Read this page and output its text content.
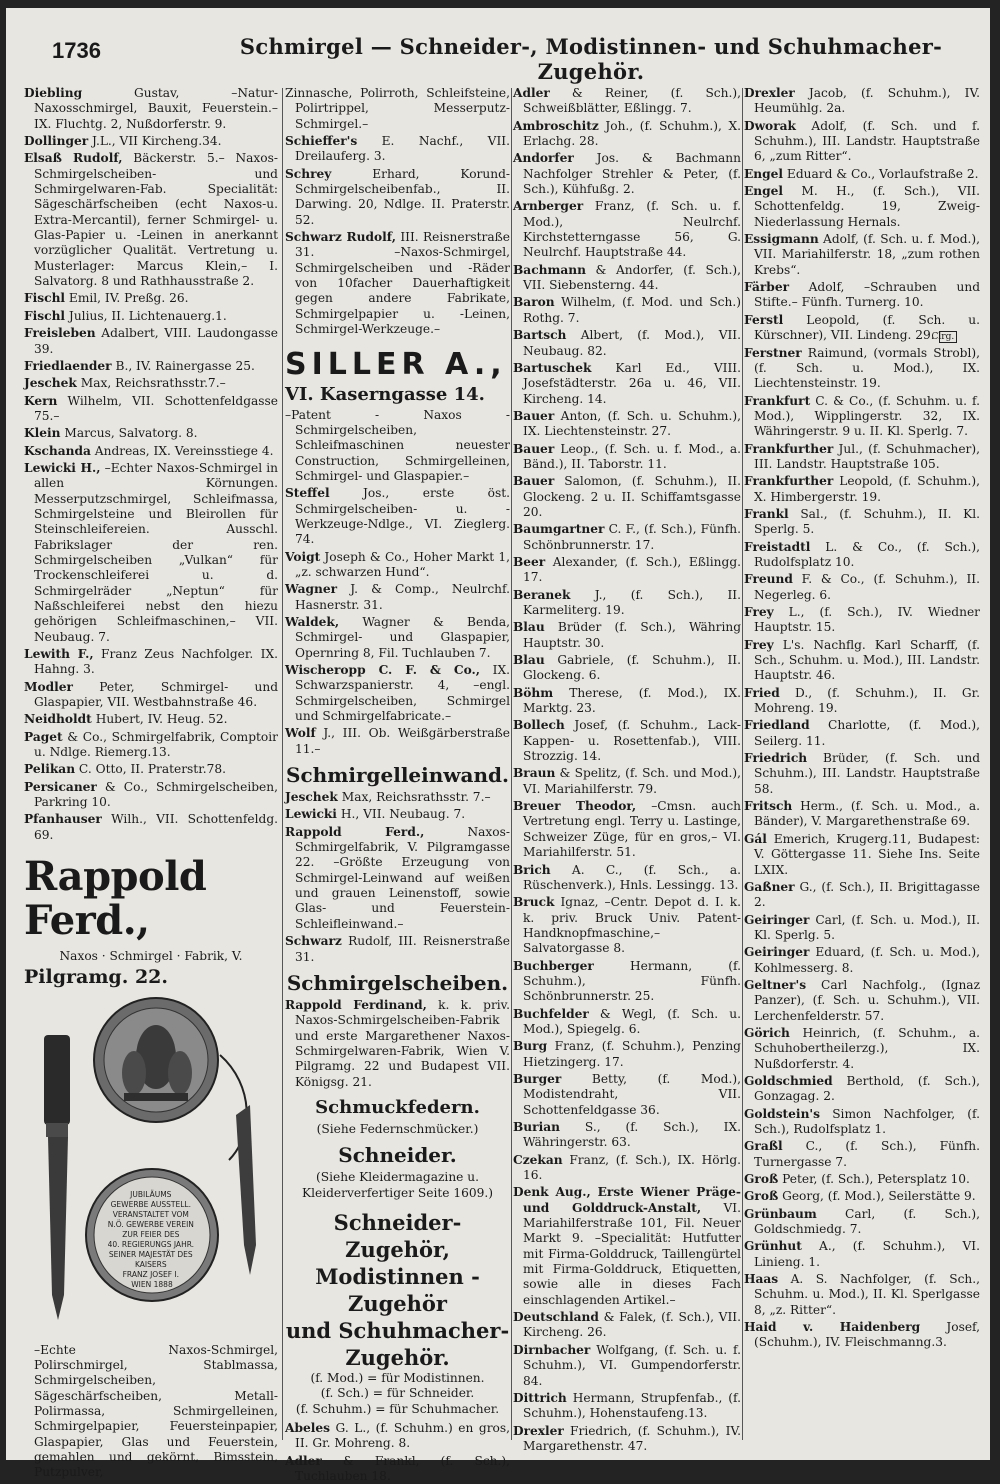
1736	Schmirgel — Schneider-, Modistinnen- und Schuhmacher-Zugehör.

Diebling Gustav, –Natur-Naxosschmirgel, Bauxit, Feuerstein.– IX. Fluchtg. 2, Nußdorferstr. 9.

Dollinger J.L., VII Kircheng.34.

Elsaß Rudolf, Bäckerstr. 5.– Naxos-Schmirgelscheiben- und Schmirgelwaren-Fab. Specialität: Sägeschärfscheiben (echt Naxos-u. Extra-Mercantil), ferner Schmirgel- u. Glas-Papier u. -Leinen in anerkannt vorzüglicher Qualität. Vertretung u. Musterlager: Marcus Klein,– I. Salvatorg. 8 und Rathhausstraße 2.

Fischl Emil, IV. Preßg. 26.

Fischl Julius, II. Lichtenauerg.1.

Freisleben Adalbert, VIII. Laudongasse 39.

Friedlaender B., IV. Rainergasse 25.

Jeschek Max, Reichsrathsstr.7.–

Kern Wilhelm, VII. Schottenfeldgasse 75.–

Klein Marcus, Salvatorg. 8.

Kschanda Andreas, IX. Vereinsstiege 4.

Lewicki H., –Echter Naxos-Schmirgel in allen Körnungen. Messerputzschmirgel, Schleifmassa, Schmirgelsteine und Bleirollen für Steinschleifereien. Ausschl. Fabrikslager der ren. Schmirgelscheiben „Vulkan“ für Trockenschleiferei u. d. Schmirgelräder „Neptun“ für Naßschleiferei nebst den hiezu gehörigen Schleifmaschinen,– VII. Neubaug. 7.

Lewith F., Franz Zeus Nachfolger. IX. Hahng. 3.

Modler Peter, Schmirgel- und Glaspapier, VII. Westbahnstraße 46.

Neidholdt Hubert, IV. Heug. 52.

Paget & Co., Schmirgelfabrik, Comptoir u. Ndlge. Riemerg.13.

Pelikan C. Otto, II. Praterstr.78.

Persicaner & Co., Schmirgelscheiben, Parkring 10.

Pfanhauser Wilh., VII. Schottenfeldg. 69.

Rappold Ferd.,

Naxos · Schmirgel · Fabrik, V.

Pilgramg. 22.

JUBILÄUMS GEWERBE AUSSTELL. VERANSTALTET VOM N.Ö. GEWERBE VEREIN ZUR FEIER DES 40. REGIERUNGS JAHR. SEINER MAJESTÄT DES KAISERS FRANZ JOSEF I. WIEN 1888

–Echte Naxos-Schmirgel, Polirschmirgel, Stablmassa, Schmirgelscheiben, Sägeschärfscheiben, Metall-Polirmassa, Schmirgelleinen, Schmirgelpapier, Feuersteinpapier, Glaspapier, Glas und Feuerstein, gemahlen und gekörnt, Bimsstein, Putzpulver,

Zinnasche, Polirroth, Schleifsteine, Polirtrippel, Messerputz-Schmirgel.–

Schieffer's E. Nachf., VII. Dreilauferg. 3.

Schrey Erhard, Korund-Schmirgelscheibenfab., II. Darwing. 20, Ndlge. II. Praterstr. 52.

Schwarz Rudolf, III. Reisnerstraße 31. –Naxos-Schmirgel, Schmirgelscheiben und -Räder von 10facher Dauerhaftigkeit gegen andere Fabrikate, Schmirgelpapier u. -Leinen, Schmirgel-Werkzeuge.–

SILLER A.,
VI. Kaserngasse 14.

–Patent - Naxos - Schmirgelscheiben, Schleifmaschinen neuester Construction, Schmirgelleinen, Schmirgel- und Glaspapier.–

Steffel Jos., erste öst. Schmirgelscheiben- u. -Werkzeuge-Ndlge., VI. Zieglerg. 74.

Voigt Joseph & Co., Hoher Markt 1, „z. schwarzen Hund“.

Wagner J. & Comp., Neulrchf. Hasnerstr. 31.

Waldek, Wagner & Benda, Schmirgel- und Glaspapier, Opernring 8, Fil. Tuchlauben 7.

Wischeropp C. F. & Co., IX. Schwarzspanierstr. 4, –engl. Schmirgelscheiben, Schmirgel und Schmirgelfabricate.–

Wolf J., III. Ob. Weißgärberstraße 11.–

Schmirgelleinwand.

Jeschek Max, Reichsrathsstr. 7.–

Lewicki H., VII. Neubaug. 7.

Rappold Ferd., Naxos-Schmirgelfabrik, V. Pilgramgasse 22. –Größte Erzeugung von Schmirgel-Leinwand auf weißen und grauen Leinenstoff, sowie Glas- und Feuerstein-Schleifleinwand.–

Schwarz Rudolf, III. Reisnerstraße 31.

Schmirgelscheiben.

Rappold Ferdinand, k. k. priv. Naxos-Schmirgelscheiben-Fabrik und erste Margarethener Naxos-Schmirgelwaren-Fabrik, Wien V. Pilgramg. 22 und Budapest VII. Königsg. 21.

Schmuckfedern.

(Siehe Federnschmücker.)

Schneider.

(Siehe Kleidermagazine u. Kleiderverfertiger Seite 1609.)

Schneider-Zugehör,
Modistinnen - Zugehör
und Schuhmacher-
Zugehör.

(f. Mod.) = für Modistinnen.

(f. Sch.) = für Schneider.

(f. Schuhm.) = für Schuhmacher.

Abeles G. L., (f. Schuhm.) en gros, II. Gr. Mohreng. 8.

Adler & Frankl, (f. Sch.), Tuchlauben 18.

Adler & Reiner, (f. Sch.), Schweißblätter, Eßlingg. 7.

Ambroschitz Joh., (f. Schuhm.), X. Erlachg. 28.

Andorfer Jos. & Bachmann Nachfolger Strehler & Peter, (f. Sch.), Kühfußg. 2.

Arnberger Franz, (f. Sch. u. f. Mod.), Neulrchf. Kirchstetterngasse 56, G. Neulrchf. Hauptstraße 44.

Bachmann & Andorfer, (f. Sch.), VII. Siebensterng. 44.

Baron Wilhelm, (f. Mod. und Sch.) Rothg. 7.

Bartsch Albert, (f. Mod.), VII. Neubaug. 82.

Bartuschek Karl Ed., VIII. Josefstädterstr. 26a u. 46, VII. Kircheng. 14.

Bauer Anton, (f. Sch. u. Schuhm.), IX. Liechtensteinstr. 27.

Bauer Leop., (f. Sch. u. f. Mod., a. Bänd.), II. Taborstr. 11.

Bauer Salomon, (f. Schuhm.), II. Glockeng. 2 u. II. Schiffamtsgasse 20.

Baumgartner C. F., (f. Sch.), Fünfh. Schönbrunnerstr. 17.

Beer Alexander, (f. Sch.), Eßlingg. 17.

Beranek J., (f. Sch.), II. Karmeliterg. 19.

Blau Brüder (f. Sch.), Währing Hauptstr. 30.

Blau Gabriele, (f. Schuhm.), II. Glockeng. 6.

Böhm Therese, (f. Mod.), IX. Marktg. 23.

Bollech Josef, (f. Schuhm., Lack-Kappen- u. Rosettenfab.), VIII. Strozzig. 14.

Braun & Spelitz, (f. Sch. und Mod.), VI. Mariahilferstr. 79.

Breuer Theodor, –Cmsn. auch Vertretung engl. Terry u. Lastinge, Schweizer Züge, für en gros,– VI. Mariahilferstr. 51.

Brich A. C., (f. Sch., a. Rüschenverk.), Hnls. Lessingg. 13.

Bruck Ignaz, –Centr. Depot d. I. k. k. priv. Bruck Univ. Patent-Handknopfmaschine,–Salvatorgasse 8.

Buchberger Hermann, (f. Schuhm.), Fünfh. Schönbrunnerstr. 25.

Buchfelder & Wegl, (f. Sch. u. Mod.), Spiegelg. 6.

Burg Franz, (f. Schuhm.), Penzing Hietzingerg. 17.

Burger Betty, (f. Mod.), Modistendraht, VII. Schottenfeldgasse 36.

Burian S., (f. Sch.), IX. Währingerstr. 63.

Czekan Franz, (f. Sch.), IX. Hörlg. 16.

Denk Aug., Erste Wiener Präge- und Golddruck-Anstalt, VI. Mariahilferstraße 101, Fil. Neuer Markt 9. –Specialität: Hutfutter mit Firma-Golddruck, Taillengürtel mit Firma-Golddruck, Etiquetten, sowie alle in dieses Fach einschlagenden Artikel.–

Deutschland & Falek, (f. Sch.), VII. Kircheng. 26.

Dirnbacher Wolfgang, (f. Sch. u. f. Schuhm.), VI. Gumpendorferstr. 84.

Dittrich Hermann, Strupfenfab., (f. Schuhm.), Hohenstaufeng.13.

Drexler Friedrich, (f. Schuhm.), IV. Margarethenstr. 47.

Drexler Jacob, (f. Schuhm.), IV. Heumühlg. 2a.

Dworak Adolf, (f. Sch. und f. Schuhm.), III. Landstr. Hauptstraße 6, „zum Ritter“.

Engel Eduard & Co., Vorlaufstraße 2.

Engel M. H., (f. Sch.), VII. Schottenfeldg. 19, Zweig-Niederlassung Hernals.

Essigmann Adolf, (f. Sch. u. f. Mod.), VII. Mariahilferstr. 18, „zum rothen Krebs“.

Färber Adolf, –Schrauben und Stifte.– Fünfh. Turnerg. 10.

Ferstl Leopold, (f. Sch. u. Kürschner), VII. Lindeng. 29. Clrg.

Ferstner Raimund, (vormals Strobl), (f. Sch. u. Mod.), IX. Liechtensteinstr. 19.

Frankfurt C. & Co., (f. Schuhm. u. f. Mod.), Wipplingerstr. 32, IX. Währingerstr. 9 u. II. Kl. Sperlg. 7.

Frankfurther Jul., (f. Schuhmacher), III. Landstr. Hauptstraße 105.

Frankfurther Leopold, (f. Schuhm.), X. Himbergerstr. 19.

Frankl Sal., (f. Schuhm.), II. Kl. Sperlg. 5.

Freistadtl L. & Co., (f. Sch.), Rudolfsplatz 10.

Freund F. & Co., (f. Schuhm.), II. Negerleg. 6.

Frey L., (f. Sch.), IV. Wiedner Hauptstr. 15.

Frey L's. Nachflg. Karl Scharff, (f. Sch., Schuhm. u. Mod.), III. Landstr. Hauptstr. 46.

Fried D., (f. Schuhm.), II. Gr. Mohreng. 19.

Friedland Charlotte, (f. Mod.), Seilerg. 11.

Friedrich Brüder, (f. Sch. und Schuhm.), III. Landstr. Hauptstraße 58.

Fritsch Herm., (f. Sch. u. Mod., a. Bänder), V. Margarethenstraße 69.

Gál Emerich, Krugerg.11, Budapest: V. Göttergasse 11. Siehe Ins. Seite LXIX.

Gaßner G., (f. Sch.), II. Brigittagasse 2.

Geiringer Carl, (f. Sch. u. Mod.), II. Kl. Sperlg. 5.

Geiringer Eduard, (f. Sch. u. Mod.), Kohlmesserg. 8.

Geltner's Carl Nachfolg., (Ignaz Panzer), (f. Sch. u. Schuhm.), VII. Lerchenfelderstr. 57.

Görich Heinrich, (f. Schuhm., a. Schuhobertheilerzg.), IX. Nußdorferstr. 4.

Goldschmied Berthold, (f. Sch.), Gonzagag. 2.

Goldstein's Simon Nachfolger, (f. Sch.), Rudolfsplatz 1.

Graßl C., (f. Sch.), Fünfh. Turnergasse 7.

Groß Peter, (f. Sch.), Petersplatz 10.

Groß Georg, (f. Mod.), Seilerstätte 9.

Grünbaum Carl, (f. Sch.), Goldschmiedg. 7.

Grünhut A., (f. Schuhm.), VI. Linieng. 1.

Haas A. S. Nachfolger, (f. Sch., Schuhm. u. Mod.), II. Kl. Sperlgasse 8, „z. Ritter“.

Haid v. Haidenberg Josef, (Schuhm.), IV. Fleischmanng.3.
